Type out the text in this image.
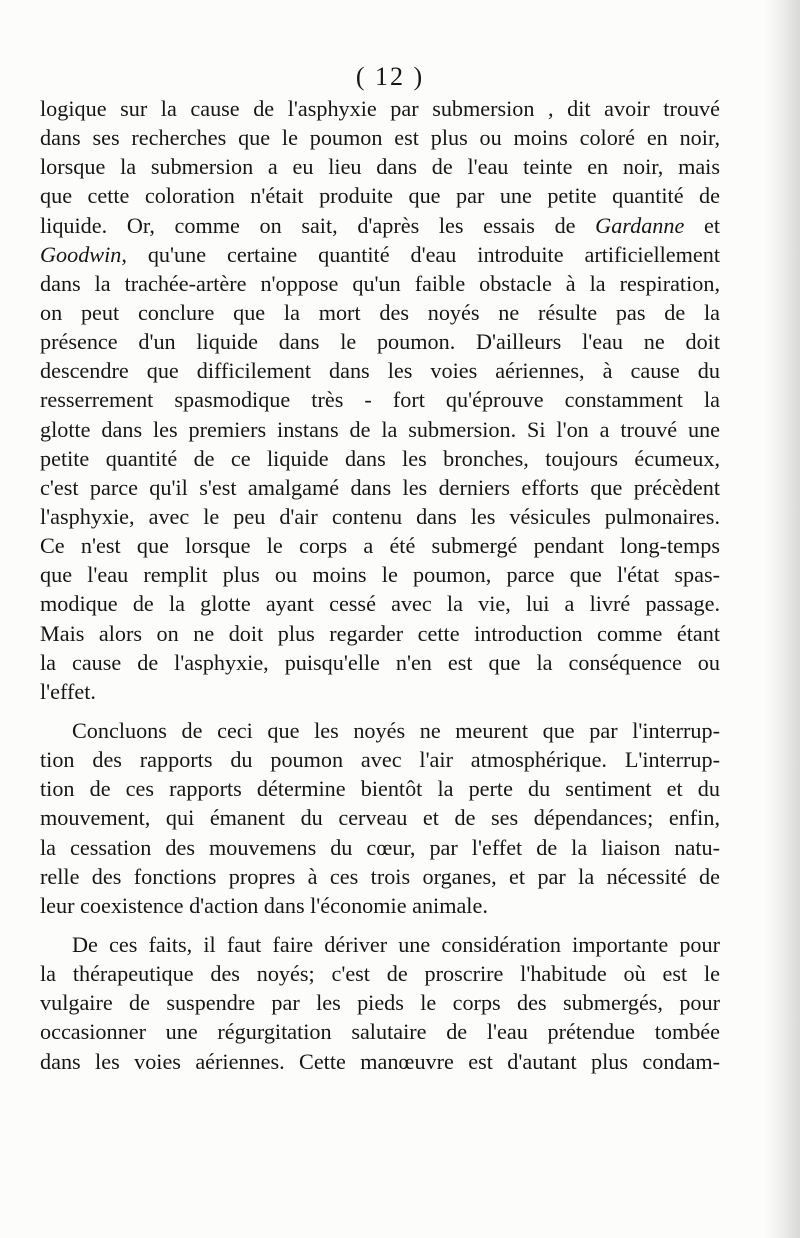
( 12 )
logique sur la cause de l'asphyxie par submersion , dit avoir trouvé
dans ses recherches que le poumon est plus ou moins coloré en noir,
lorsque la submersion a eu lieu dans de l'eau teinte en noir, mais
que cette coloration n'était produite que par une petite quantité de
liquide. Or, comme on sait, d'après les essais de Gardanne et
Goodwin, qu'une certaine quantité d'eau introduite artificiellement
dans la trachée-artère n'oppose qu'un faible obstacle à la respiration,
on peut conclure que la mort des noyés ne résulte pas de la
présence d'un liquide dans le poumon. D'ailleurs l'eau ne doit
descendre que difficilement dans les voies aériennes, à cause du
resserrement spasmodique très - fort qu'éprouve constamment la
glotte dans les premiers instans de la submersion. Si l'on a trouvé une
petite quantité de ce liquide dans les bronches, toujours écumeux,
c'est parce qu'il s'est amalgamé dans les derniers efforts que précèdent
l'asphyxie, avec le peu d'air contenu dans les vésicules pulmonaires.
Ce n'est que lorsque le corps a été submergé pendant long-temps
que l'eau remplit plus ou moins le poumon, parce que l'état spas-
modique de la glotte ayant cessé avec la vie, lui a livré passage.
Mais alors on ne doit plus regarder cette introduction comme étant
la cause de l'asphyxie, puisqu'elle n'en est que la conséquence ou
l'effet.
Concluons de ceci que les noyés ne meurent que par l'interrup-
tion des rapports du poumon avec l'air atmosphérique. L'interrup-
tion de ces rapports détermine bientôt la perte du sentiment et du
mouvement, qui émanent du cerveau et de ses dépendances; enfin,
la cessation des mouvemens du cœur, par l'effet de la liaison natu-
relle des fonctions propres à ces trois organes, et par la nécessité de
leur coexistence d'action dans l'économie animale.
De ces faits, il faut faire dériver une considération importante pour
la thérapeutique des noyés; c'est de proscrire l'habitude où est le
vulgaire de suspendre par les pieds le corps des submergés, pour
occasionner une régurgitation salutaire de l'eau prétendue tombée
dans les voies aériennes. Cette manœuvre est d'autant plus condam-
